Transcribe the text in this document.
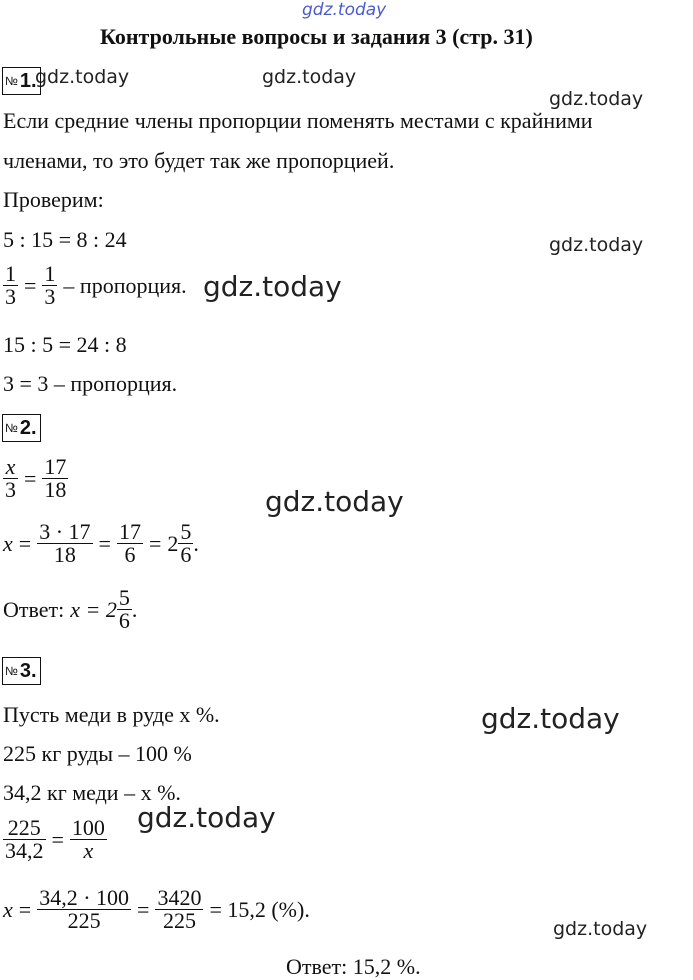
gdz.today
gdz.today	gdz.today
gdz.today
gdz.today
gdz.today
gdz.today
gdz.today
gdz.today
gdz.today
Контрольные вопросы и задания 3 (стр. 31)
№ 1.
Если средние члены пропорции поменять местами с крайними
членами, то это будет так же пропорцией.
Проверим:
5 : 15 = 8 : 24
$\frac{1}{3} = \frac{1}{3}$ – пропорция.
15 : 5 = 24 : 8
3 = 3 – пропорция.
№ 2.
$\frac{x}{3} = \frac{17}{18}$
$x = \frac{3 \cdot 17}{18} = \frac{17}{6} = 2 \frac{5}{6}$ .
Ответ: $x = 2 \frac{5}{6}$ .
№ 3.
Пусть меди в руде x %.
225 кг руды – 100 %
34,2 кг меди – x %.
$\frac{225}{34,2} = \frac{100}{x}$
$x = \frac{34,2 \cdot 100}{225} = \frac{3420}{225} = 15,2$ (%).
Ответ: 15,2 %.
